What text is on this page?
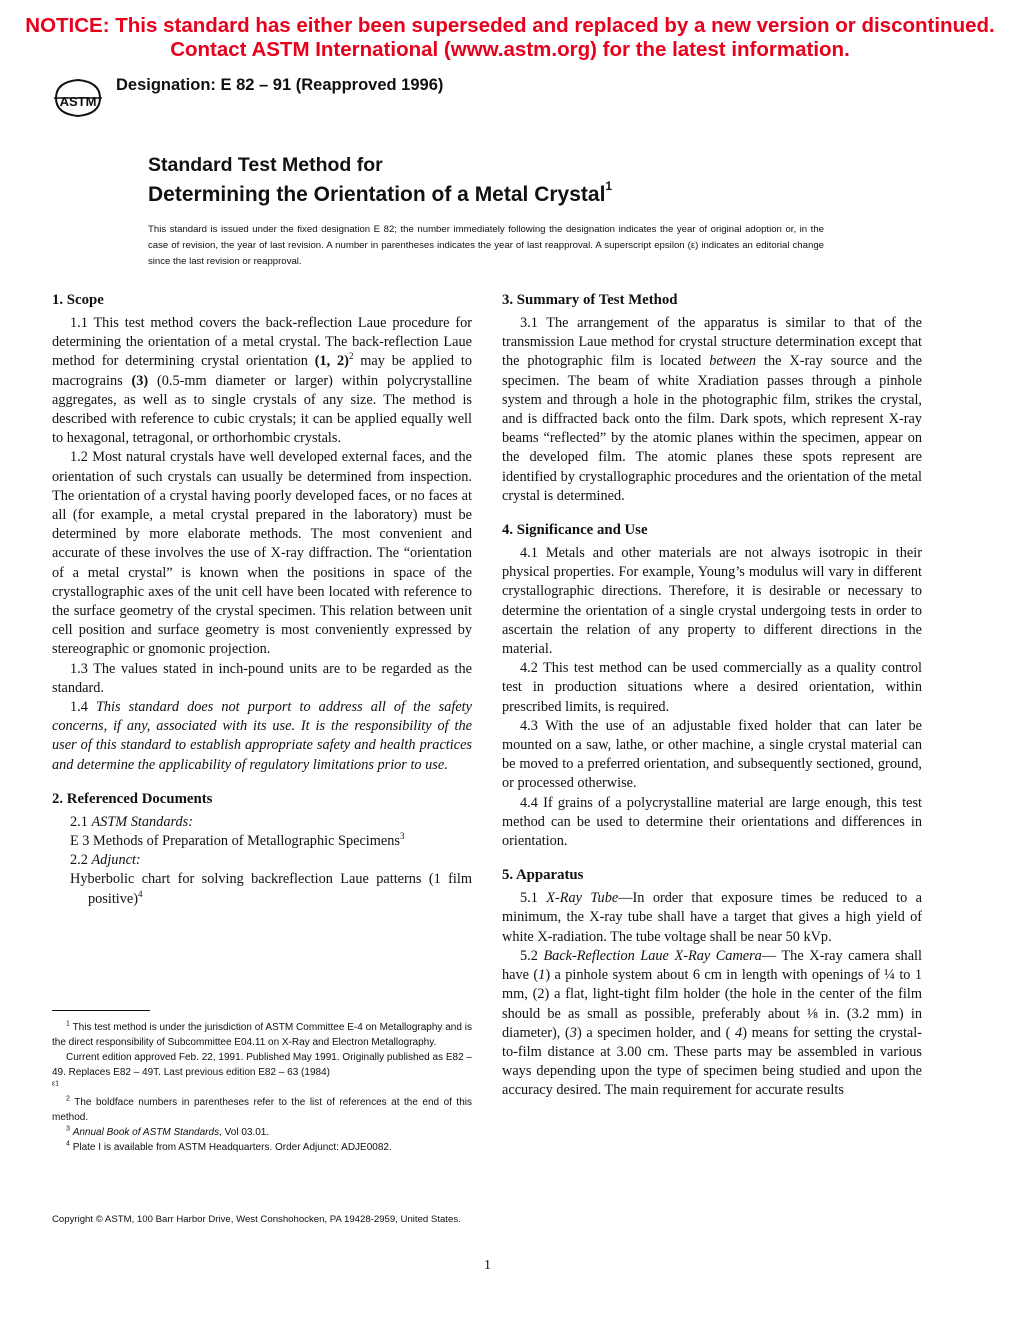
NOTICE: This standard has either been superseded and replaced by a new version or discontinued.
Contact ASTM International (www.astm.org) for the latest information.
ASTM
Designation: E 82 – 91 (Reapproved 1996)
Standard Test Method for
Determining the Orientation of a Metal Crystal$^1$
This standard is issued under the fixed designation E 82; the number immediately following the designation indicates the year of original adoption or, in the case of revision, the year of last revision. A number in parentheses indicates the year of last reapproval. A superscript epsilon (ε) indicates an editorial change since the last revision or reapproval.
1. Scope

1.1 This test method covers the back-reflection Laue procedure for determining the orientation of a metal crystal. The back-reflection Laue method for determining crystal orientation (1, 2)$^2$ may be applied to macrograins (3) (0.5-mm diameter or larger) within polycrystalline aggregates, as well as to single crystals of any size. The method is described with reference to cubic crystals; it can be applied equally well to hexagonal, tetragonal, or orthorhombic crystals.

1.2 Most natural crystals have well developed external faces, and the orientation of such crystals can usually be determined from inspection. The orientation of a crystal having poorly developed faces, or no faces at all (for example, a metal crystal prepared in the laboratory) must be determined by more elaborate methods. The most convenient and accurate of these involves the use of X-ray diffraction. The “orientation of a metal crystal” is known when the positions in space of the crystallographic axes of the unit cell have been located with reference to the surface geometry of the crystal specimen. This relation between unit cell position and surface geometry is most conveniently expressed by stereographic or gnomonic projection.

1.3 The values stated in inch-pound units are to be regarded as the standard.

1.4 This standard does not purport to address all of the safety concerns, if any, associated with its use. It is the responsibility of the user of this standard to establish appropriate safety and health practices and determine the applicability of regulatory limitations prior to use.

2. Referenced Documents

2.1 ASTM Standards:

E 3 Methods of Preparation of Metallographic Specimens$^3$

2.2 Adjunct:

Hyberbolic chart for solving backreflection Laue patterns (1 film positive)$^4$

3. Summary of Test Method

3.1 The arrangement of the apparatus is similar to that of the transmission Laue method for crystal structure determination except that the photographic film is located between the X-ray source and the specimen. The beam of white Xradiation passes through a pinhole system and through a hole in the photographic film, strikes the crystal, and is diffracted back onto the film. Dark spots, which represent X-ray beams “reflected” by the atomic planes within the specimen, appear on the developed film. The atomic planes these spots represent are identified by crystallographic procedures and the orientation of the metal crystal is determined.

4. Significance and Use

4.1 Metals and other materials are not always isotropic in their physical properties. For example, Young’s modulus will vary in different crystallographic directions. Therefore, it is desirable or necessary to determine the orientation of a single crystal undergoing tests in order to ascertain the relation of any property to different directions in the material.

4.2 This test method can be used commercially as a quality control test in production situations where a desired orientation, within prescribed limits, is required.

4.3 With the use of an adjustable fixed holder that can later be mounted on a saw, lathe, or other machine, a single crystal material can be moved to a preferred orientation, and subsequently sectioned, ground, or processed otherwise.

4.4 If grains of a polycrystalline material are large enough, this test method can be used to determine their orientations and differences in orientation.

5. Apparatus

5.1 X-Ray Tube—In order that exposure times be reduced to a minimum, the X-ray tube shall have a target that gives a high yield of white X-radiation. The tube voltage shall be near 50 kVp.

5.2 Back-Reflection Laue X-Ray Camera— The X-ray camera shall have (1) a pinhole system about 6 cm in length with openings of ¼ to 1 mm, (2) a flat, light-tight film holder (the hole in the center of the film should be as small as possible, preferably about ⅛ in. (3.2 mm) in diameter), (3) a specimen holder, and ( 4) means for setting the crystal-to-film distance at 3.00 cm. These parts may be assembled in various ways depending upon the type of specimen being studied and upon the accuracy desired. The main requirement for accurate results

$^1$ This test method is under the jurisdiction of ASTM Committee E-4 on Metallography and is the direct responsibility of Subcommittee E04.11 on X-Ray and Electron Metallography.

Current edition approved Feb. 22, 1991. Published May 1991. Originally published as E82 – 49. Replaces E82 – 49T. Last previous edition E82 – 63 (1984)

$^{\varepsilon 1}$

$^2$ The boldface numbers in parentheses refer to the list of references at the end of this method.

$^3$ Annual Book of ASTM Standards, Vol 03.01.

$^4$ Plate I is available from ASTM Headquarters. Order Adjunct: ADJE0082.

Copyright © ASTM, 100 Barr Harbor Drive, West Conshohocken, PA 19428-2959, United States.
1
